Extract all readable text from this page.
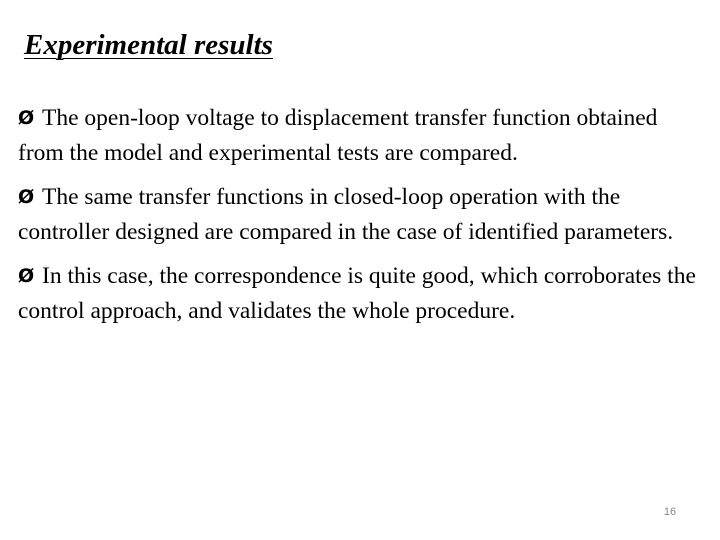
Experimental results
Ø The open-loop voltage to displacement transfer function obtained from the model and experimental tests are compared.
Ø The same transfer functions in closed-loop operation with the controller designed are compared in the case of identified parameters.
Ø In this case, the correspondence is quite good, which corroborates the control approach, and validates the whole procedure.
16
